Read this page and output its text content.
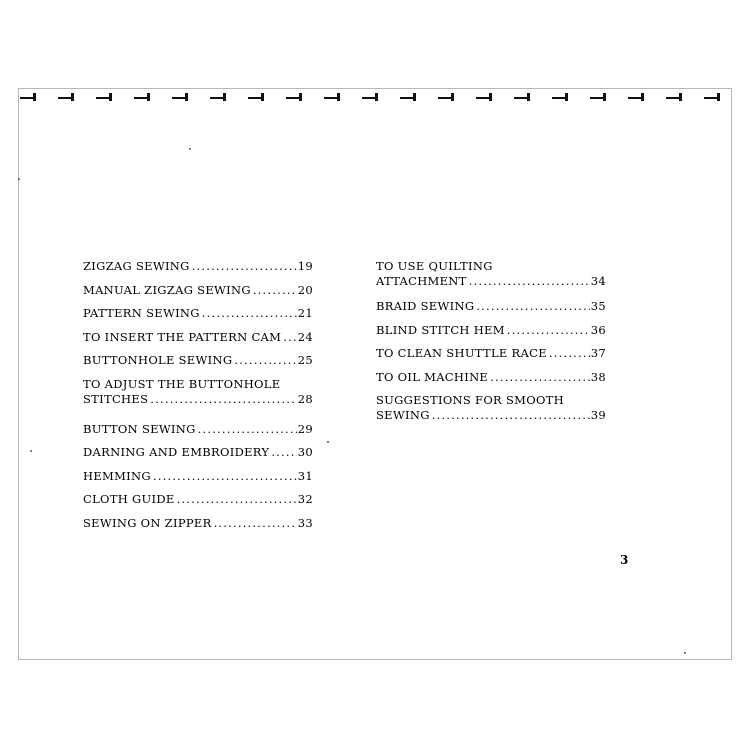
ZIGZAG SEWING .....	19
MANUAL ZIGZAG SEWING .....	20
PATTERN SEWING .....	21
TO INSERT THE PATTERN CAM ..... 24
BUTTONHOLE SEWING .....	25
TO ADJUST THE BUTTONHOLE
STITCHES .....	28
BUTTON SEWING .....	29
DARNING AND EMBROIDERY ..... 30
HEMMING .....	31
CLOTH GUIDE .....	32
SEWING ON ZIPPER .....	33
TO USE QUILTING
ATTACHMENT .....	34
BRAID SEWING .....	35
BLIND STITCH HEM .....	36
TO CLEAN SHUTTLE RACE .....	37
TO OIL MACHINE .....	38
SUGGESTIONS FOR SMOOTH
SEWING .....	39
3
